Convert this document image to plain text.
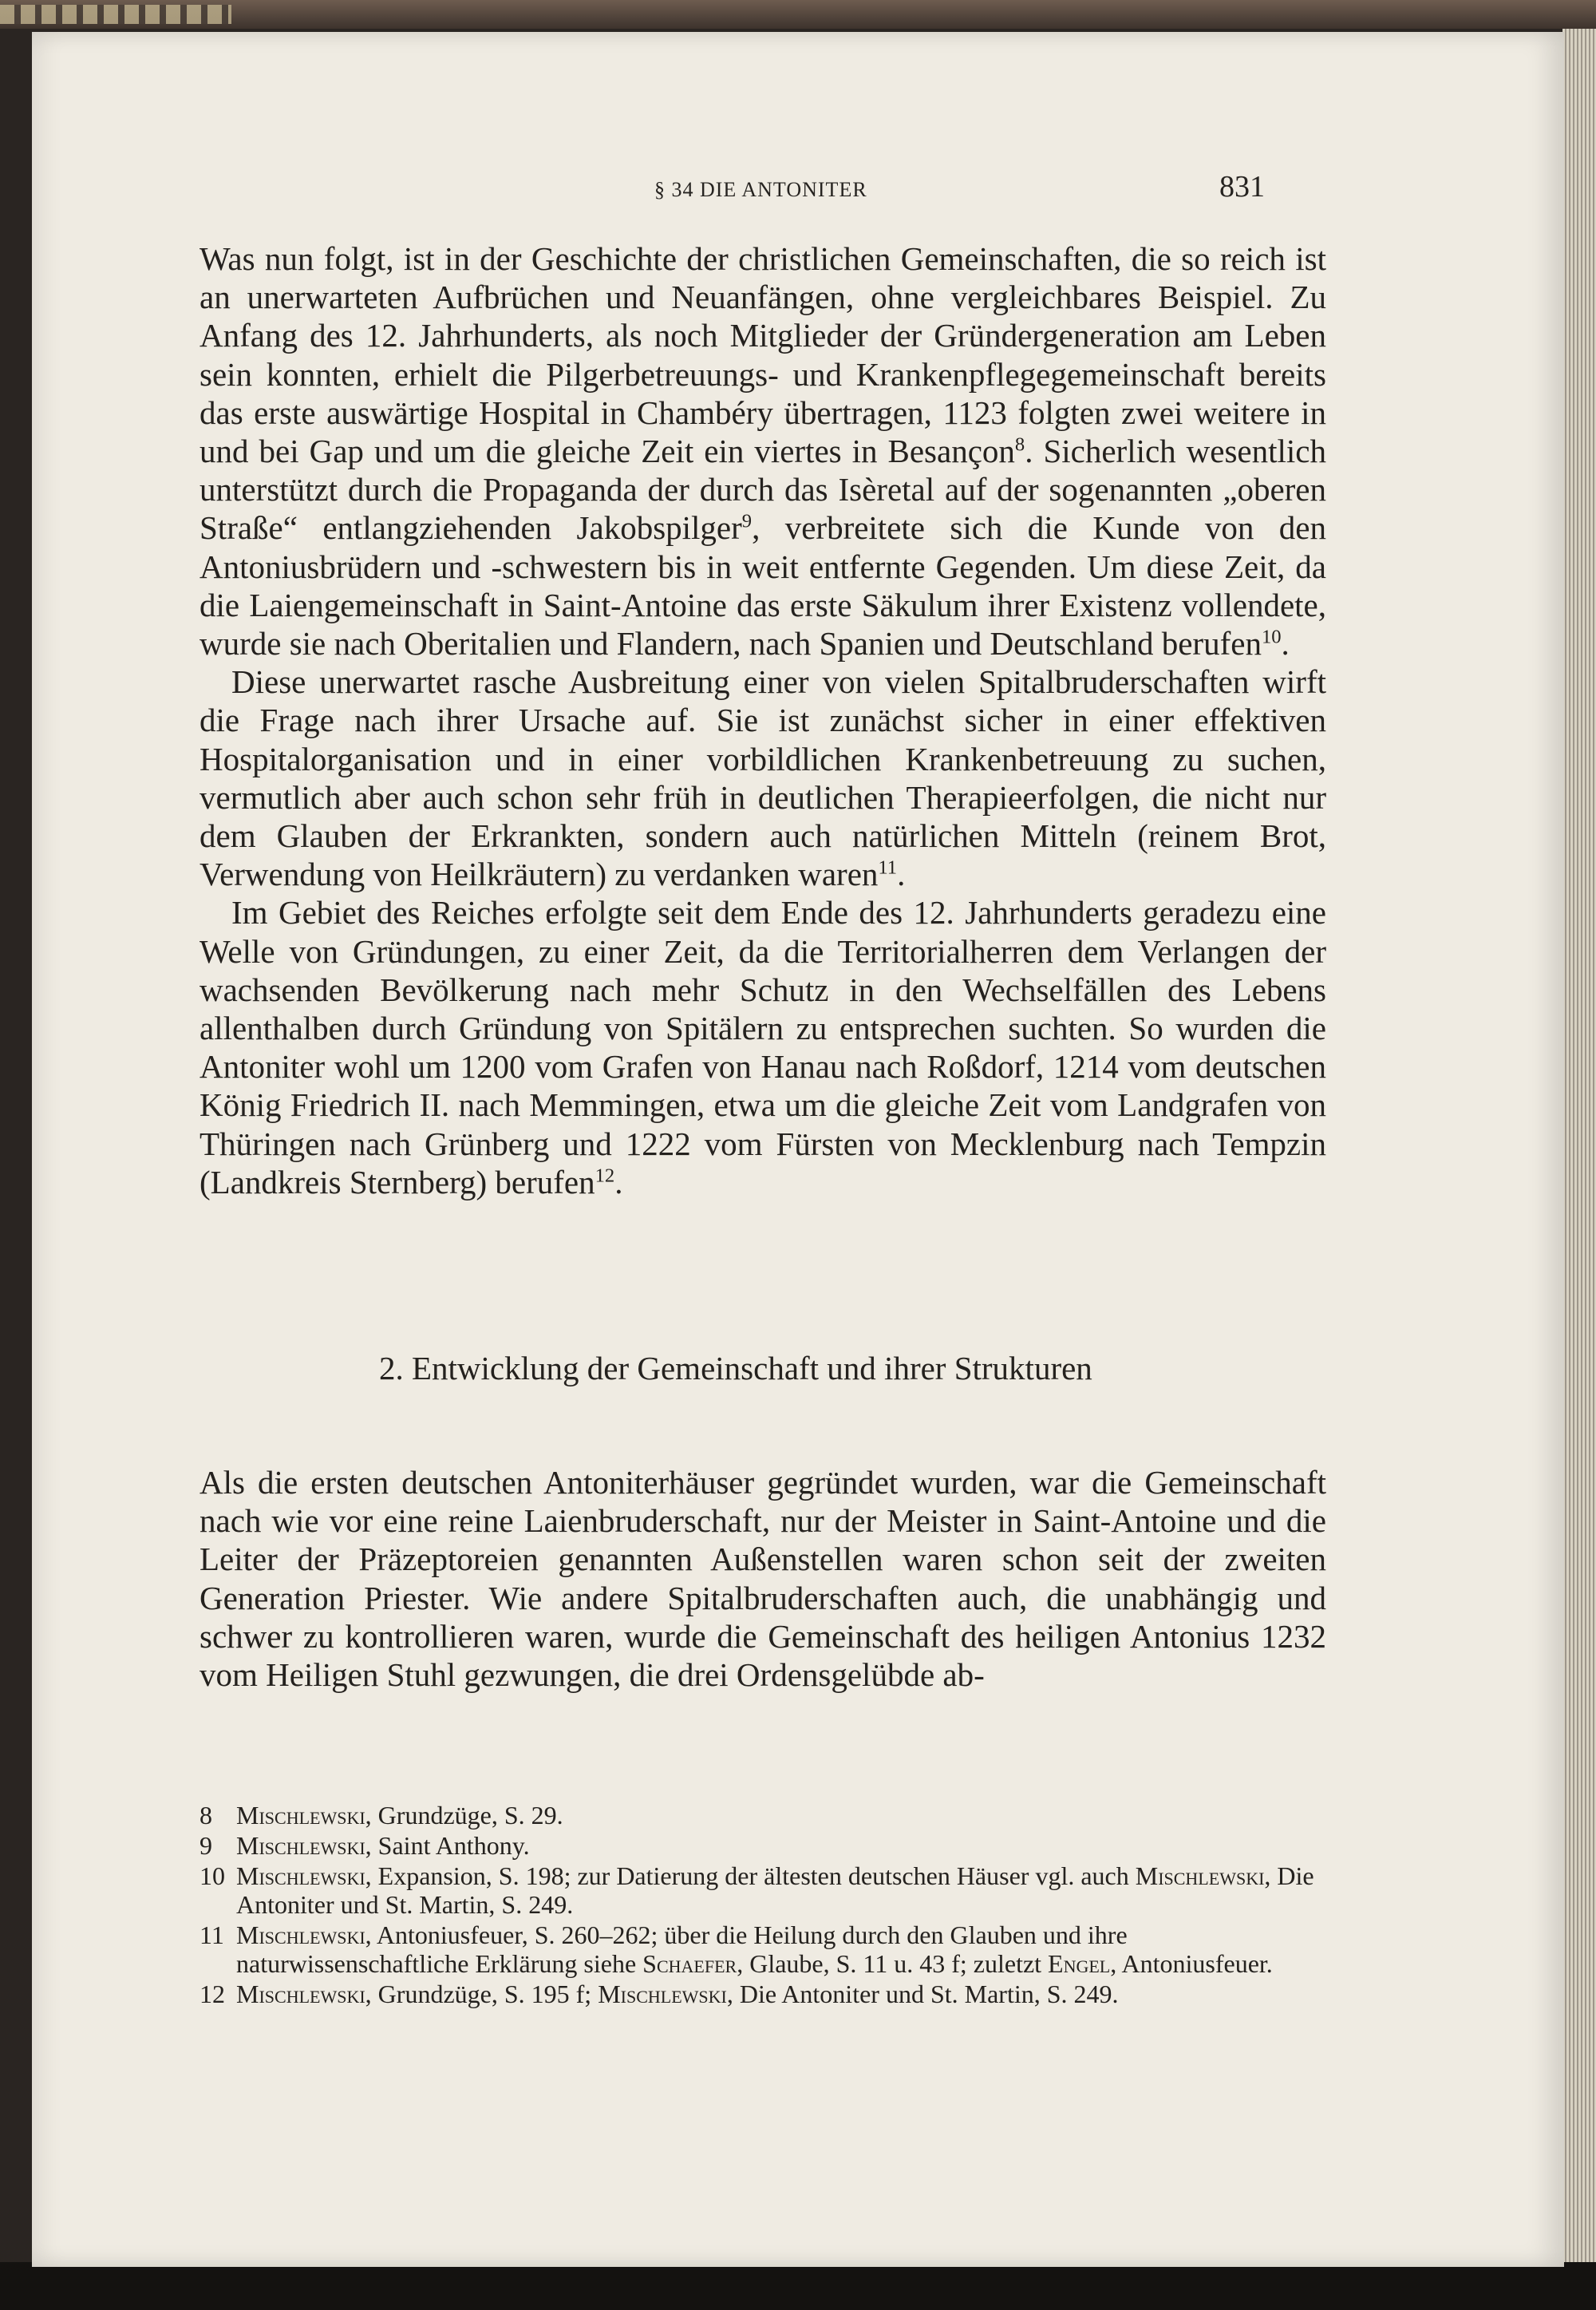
§ 34 DIE ANTONITER	831

Was nun folgt, ist in der Geschichte der christlichen Gemeinschaften, die so reich ist an unerwarteten Aufbrüchen und Neuanfängen, ohne vergleichbares Beispiel. Zu Anfang des 12. Jahrhunderts, als noch Mitglieder der Gründergeneration am Leben sein konnten, erhielt die Pilgerbetreuungs- und Krankenpflegegemeinschaft bereits das erste auswärtige Hospital in Chambéry übertragen, 1123 folgten zwei weitere in und bei Gap und um die gleiche Zeit ein viertes in Besançon$^8$. Sicherlich wesentlich unterstützt durch die Propaganda der durch das Isèretal auf der sogenannten „oberen Straße“ entlangziehenden Jakobspilger$^9$, verbreitete sich die Kunde von den Antoniusbrüdern und -schwestern bis in weit entfernte Gegenden. Um diese Zeit, da die Laiengemeinschaft in Saint-Antoine das erste Säkulum ihrer Existenz vollendete, wurde sie nach Oberitalien und Flandern, nach Spanien und Deutschland berufen$^{10}$.

Diese unerwartet rasche Ausbreitung einer von vielen Spitalbruderschaften wirft die Frage nach ihrer Ursache auf. Sie ist zunächst sicher in einer effektiven Hospitalorganisation und in einer vorbildlichen Krankenbetreuung zu suchen, vermutlich aber auch schon sehr früh in deutlichen Therapieerfolgen, die nicht nur dem Glauben der Erkrankten, sondern auch natürlichen Mitteln (reinem Brot, Verwendung von Heilkräutern) zu verdanken waren$^{11}$.

Im Gebiet des Reiches erfolgte seit dem Ende des 12. Jahrhunderts geradezu eine Welle von Gründungen, zu einer Zeit, da die Territorialherren dem Verlangen der wachsenden Bevölkerung nach mehr Schutz in den Wechselfällen des Lebens allenthalben durch Gründung von Spitälern zu entsprechen suchten. So wurden die Antoniter wohl um 1200 vom Grafen von Hanau nach Roßdorf, 1214 vom deutschen König Friedrich II. nach Memmingen, etwa um die gleiche Zeit vom Landgrafen von Thüringen nach Grünberg und 1222 vom Fürsten von Mecklenburg nach Tempzin (Landkreis Sternberg) berufen$^{12}$.

2. Entwicklung der Gemeinschaft und ihrer Strukturen

Als die ersten deutschen Antoniterhäuser gegründet wurden, war die Gemeinschaft nach wie vor eine reine Laienbruderschaft, nur der Meister in Saint-Antoine und die Leiter der Präzeptoreien genannten Außenstellen waren schon seit der zweiten Generation Priester. Wie andere Spitalbruderschaften auch, die unabhängig und schwer zu kontrollieren waren, wurde die Gemeinschaft des heiligen Antonius 1232 vom Heiligen Stuhl gezwungen, die drei Ordensgelübde ab-

8 Mischlewski, Grundzüge, S. 29.
9 Mischlewski, Saint Anthony.
10 Mischlewski, Expansion, S. 198; zur Datierung der ältesten deutschen Häuser vgl. auch Mischlewski, Die Antoniter und St. Martin, S. 249.
11 Mischlewski, Antoniusfeuer, S. 260–262; über die Heilung durch den Glauben und ihre naturwissenschaftliche Erklärung siehe Schaefer, Glaube, S. 11 u. 43 f; zuletzt Engel, Antoniusfeuer.
12 Mischlewski, Grundzüge, S. 195 f; Mischlewski, Die Antoniter und St. Martin, S. 249.
